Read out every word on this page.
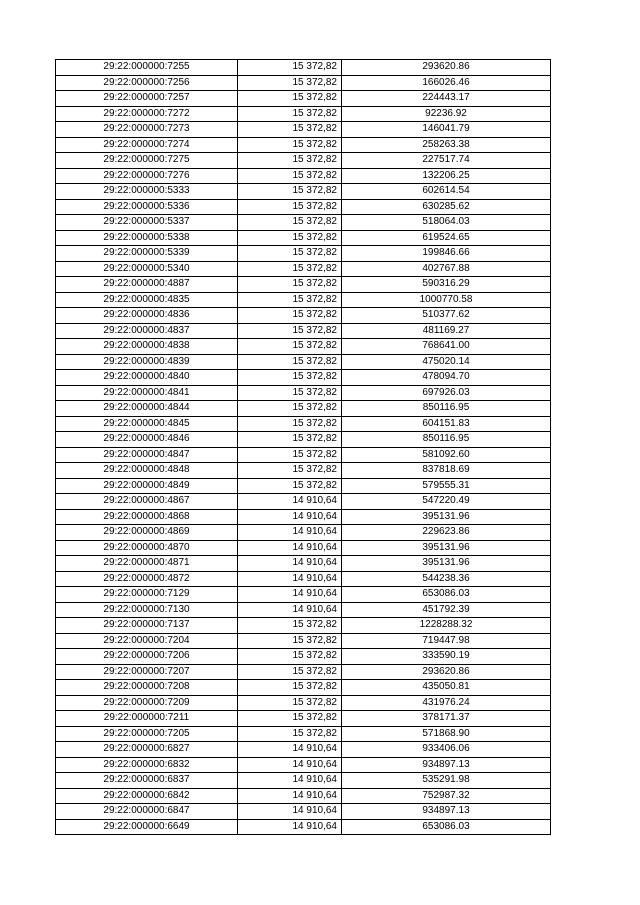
29:22:000000:7255	15 372,82	293620.86
29:22:000000:7256	15 372,82	166026.46
29:22:000000:7257	15 372,82	224443.17
29:22:000000:7272	15 372,82	92236.92
29:22:000000:7273	15 372,82	146041.79
29:22:000000:7274	15 372,82	258263.38
29:22:000000:7275	15 372,82	227517.74
29:22:000000:7276	15 372,82	132206.25
29:22:000000:5333	15 372,82	602614.54
29:22:000000:5336	15 372,82	630285.62
29:22:000000:5337	15 372,82	518064.03
29:22:000000:5338	15 372,82	619524.65
29:22:000000:5339	15 372,82	199846.66
29:22:000000:5340	15 372,82	402767.88
29:22:000000:4887	15 372,82	590316.29
29:22:000000:4835	15 372,82	1000770.58
29:22:000000:4836	15 372,82	510377.62
29:22:000000:4837	15 372,82	481169.27
29:22:000000:4838	15 372,82	768641.00
29:22:000000:4839	15 372,82	475020.14
29:22:000000:4840	15 372,82	478094.70
29:22:000000:4841	15 372,82	697926.03
29:22:000000:4844	15 372,82	850116.95
29:22:000000:4845	15 372,82	604151.83
29:22:000000:4846	15 372,82	850116.95
29:22:000000:4847	15 372,82	581092.60
29:22:000000:4848	15 372,82	837818.69
29:22:000000:4849	15 372,82	579555.31
29:22:000000:4867	14 910,64	547220.49
29:22:000000:4868	14 910,64	395131.96
29:22:000000:4869	14 910,64	229623.86
29:22:000000:4870	14 910,64	395131.96
29:22:000000:4871	14 910,64	395131.96
29:22:000000:4872	14 910,64	544238.36
29:22:000000:7129	14 910,64	653086.03
29:22:000000:7130	14 910,64	451792.39
29:22:000000:7137	15 372,82	1228288.32
29:22:000000:7204	15 372,82	719447.98
29:22:000000:7206	15 372,82	333590.19
29:22:000000:7207	15 372,82	293620.86
29:22:000000:7208	15 372,82	435050.81
29:22:000000:7209	15 372,82	431976.24
29:22:000000:7211	15 372,82	378171.37
29:22:000000:7205	15 372,82	571868.90
29:22:000000:6827	14 910,64	933406.06
29:22:000000:6832	14 910,64	934897.13
29:22:000000:6837	14 910,64	535291.98
29:22:000000:6842	14 910,64	752987.32
29:22:000000:6847	14 910,64	934897.13
29:22:000000:6649	14 910,64	653086.03
